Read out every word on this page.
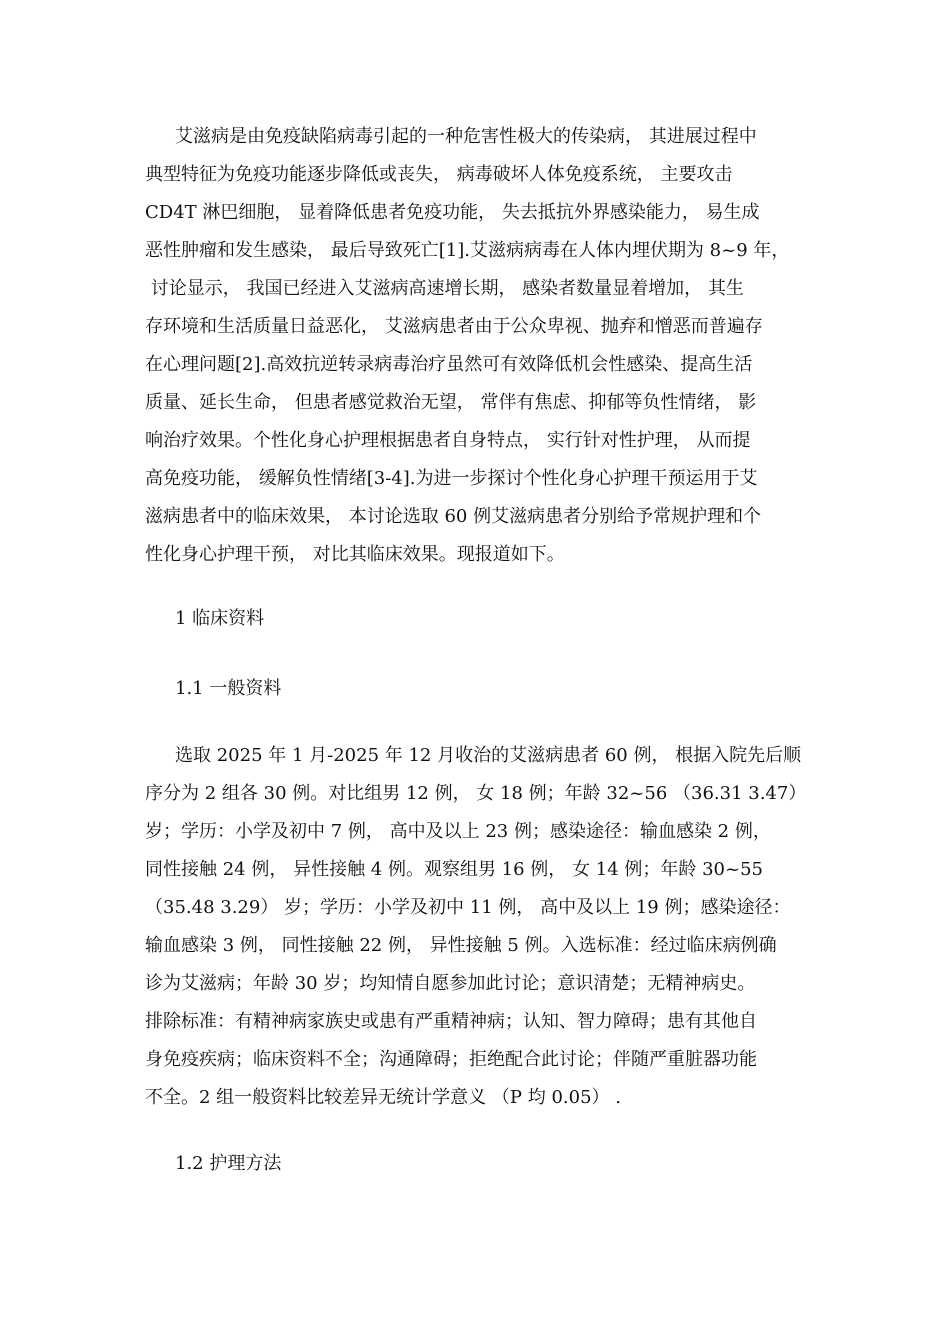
艾滋病是由免疫缺陷病毒引起的一种危害性极大的传染病， 其进展过程中
典型特征为免疫功能逐步降低或丧失， 病毒破坏人体免疫系统， 主要攻击
CD4T 淋巴细胞， 显着降低患者免疫功能， 失去抵抗外界感染能力， 易生成
恶性肿瘤和发生感染， 最后导致死亡[1].艾滋病病毒在人体内埋伏期为 8~9 年，
讨论显示， 我国已经进入艾滋病高速增长期， 感染者数量显着增加， 其生
存环境和生活质量日益恶化， 艾滋病患者由于公众卑视、抛弃和憎恶而普遍存
在心理问题[2].高效抗逆转录病毒治疗虽然可有效降低机会性感染、提高生活
质量、延长生命， 但患者感觉救治无望， 常伴有焦虑、抑郁等负性情绪， 影
响治疗效果。个性化身心护理根据患者自身特点， 实行针对性护理， 从而提
高免疫功能， 缓解负性情绪[3-4].为进一步探讨个性化身心护理干预运用于艾
滋病患者中的临床效果， 本讨论选取 60 例艾滋病患者分别给予常规护理和个
性化身心护理干预， 对比其临床效果。现报道如下。
1 临床资料
1.1 一般资料
选取 2025 年 1 月-2025 年 12 月收治的艾滋病患者 60 例， 根据入院先后顺
序分为 2 组各 30 例。对比组男 12 例， 女 18 例；年龄 32~56 （36.31 3.47）
岁；学历：小学及初中 7 例， 高中及以上 23 例；感染途径：输血感染 2 例，
同性接触 24 例， 异性接触 4 例。观察组男 16 例， 女 14 例；年龄 30~55
（35.48 3.29） 岁；学历：小学及初中 11 例， 高中及以上 19 例；感染途径：
输血感染 3 例， 同性接触 22 例， 异性接触 5 例。入选标准：经过临床病例确
诊为艾滋病；年龄 30 岁；均知情自愿参加此讨论；意识清楚；无精神病史。
排除标准：有精神病家族史或患有严重精神病；认知、智力障碍；患有其他自
身免疫疾病；临床资料不全；沟通障碍；拒绝配合此讨论；伴随严重脏器功能
不全。2 组一般资料比较差异无统计学意义 （P 均 0.05） .
1.2 护理方法
